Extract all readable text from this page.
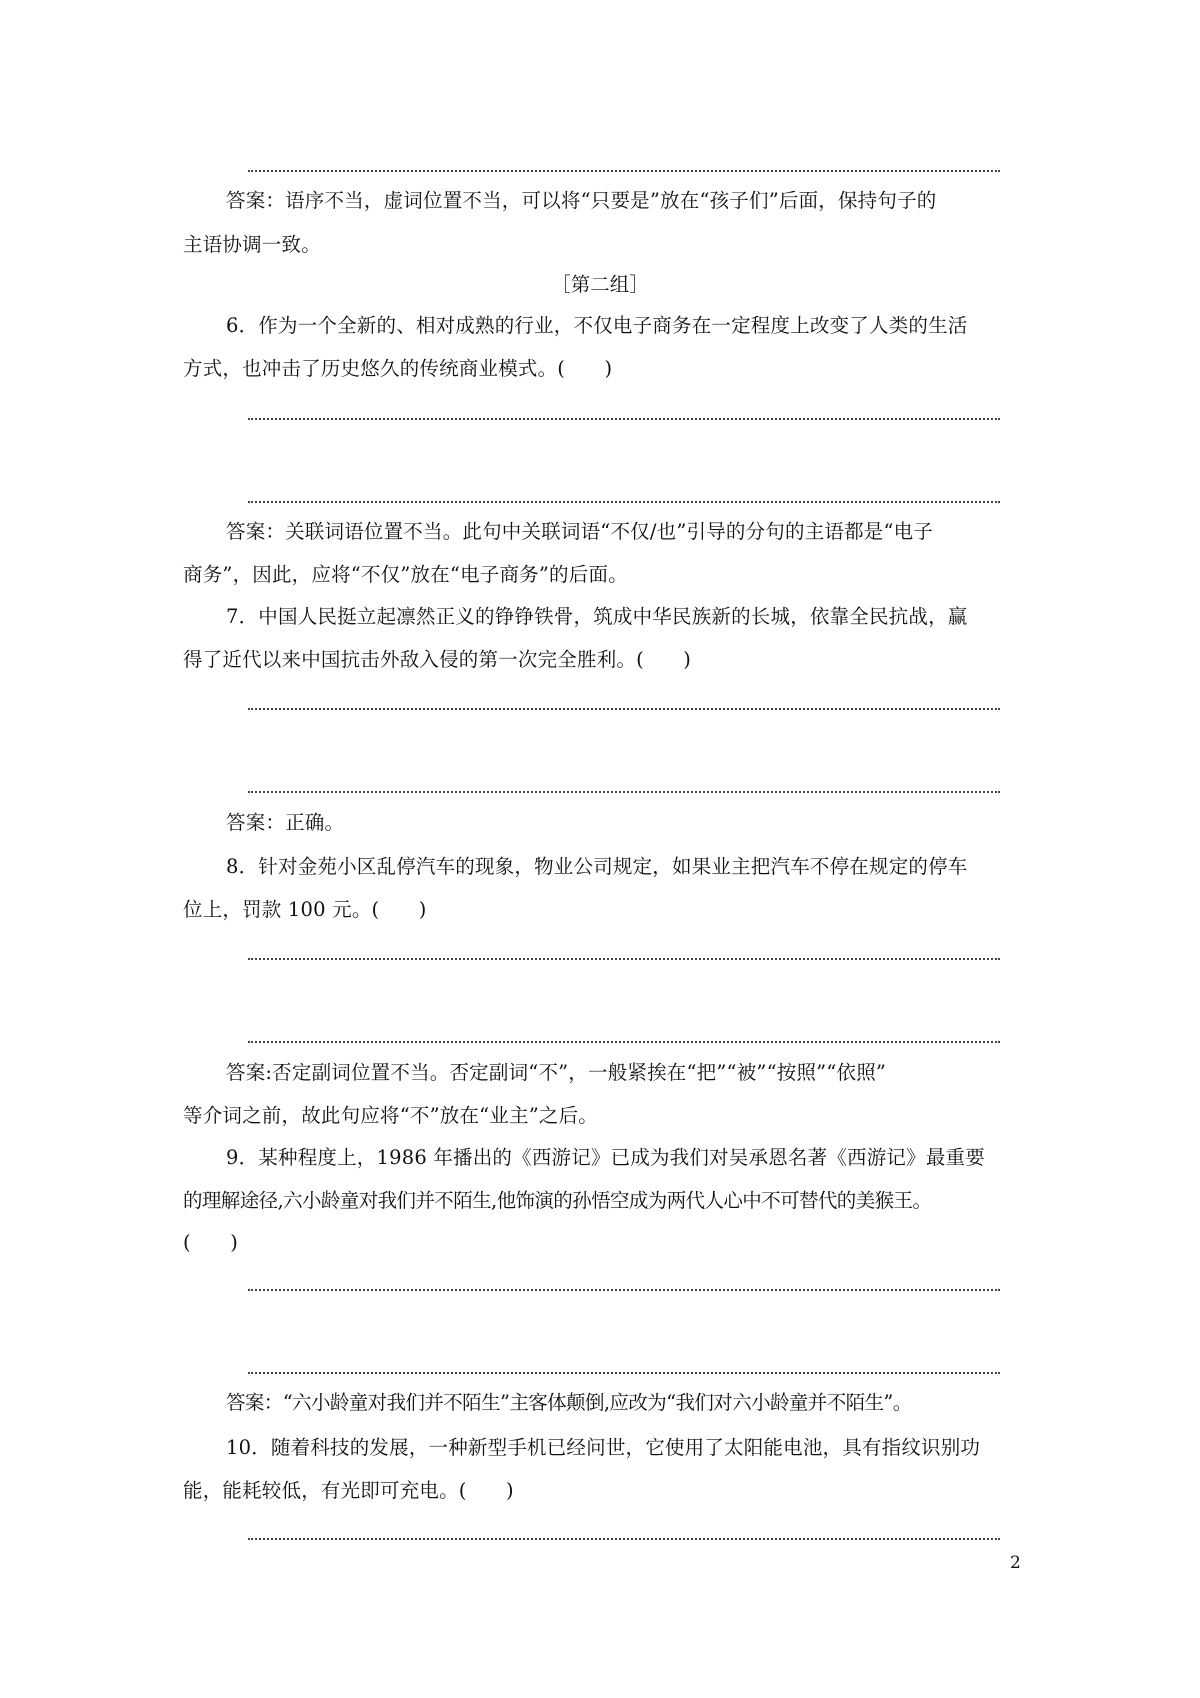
答案：语序不当，虚词位置不当，可以将“只要是”放在“孩子们”后面，保持句子的
主语协调一致。
［第二组］
6．作为一个全新的、相对成熟的行业，不仅电子商务在一定程度上改变了人类的生活
方式，也冲击了历史悠久的传统商业模式。(　　)
答案：关联词语位置不当。此句中关联词语“不仅/也”引导的分句的主语都是“电子
商务”，因此，应将“不仅”放在“电子商务”的后面。
7．中国人民挺立起凛然正义的铮铮铁骨，筑成中华民族新的长城，依靠全民抗战，赢
得了近代以来中国抗击外敌入侵的第一次完全胜利。(　　)
答案：正确。
8．针对金苑小区乱停汽车的现象，物业公司规定，如果业主把汽车不停在规定的停车
位上，罚款 100 元。(　　)
答案:否定副词位置不当。否定副词“不”，一般紧挨在“把”“被”“按照”“依照”
等介词之前，故此句应将“不”放在“业主”之后。
9．某种程度上，1986 年播出的《西游记》已成为我们对吴承恩名著《西游记》最重要
的理解途径,六小龄童对我们并不陌生,他饰演的孙悟空成为两代人心中不可替代的美猴王。
(　　)
答案：“六小龄童对我们并不陌生”主客体颠倒,应改为“我们对六小龄童并不陌生”。
10．随着科技的发展，一种新型手机已经问世，它使用了太阳能电池，具有指纹识别功
能，能耗较低，有光即可充电。(　　)
2
